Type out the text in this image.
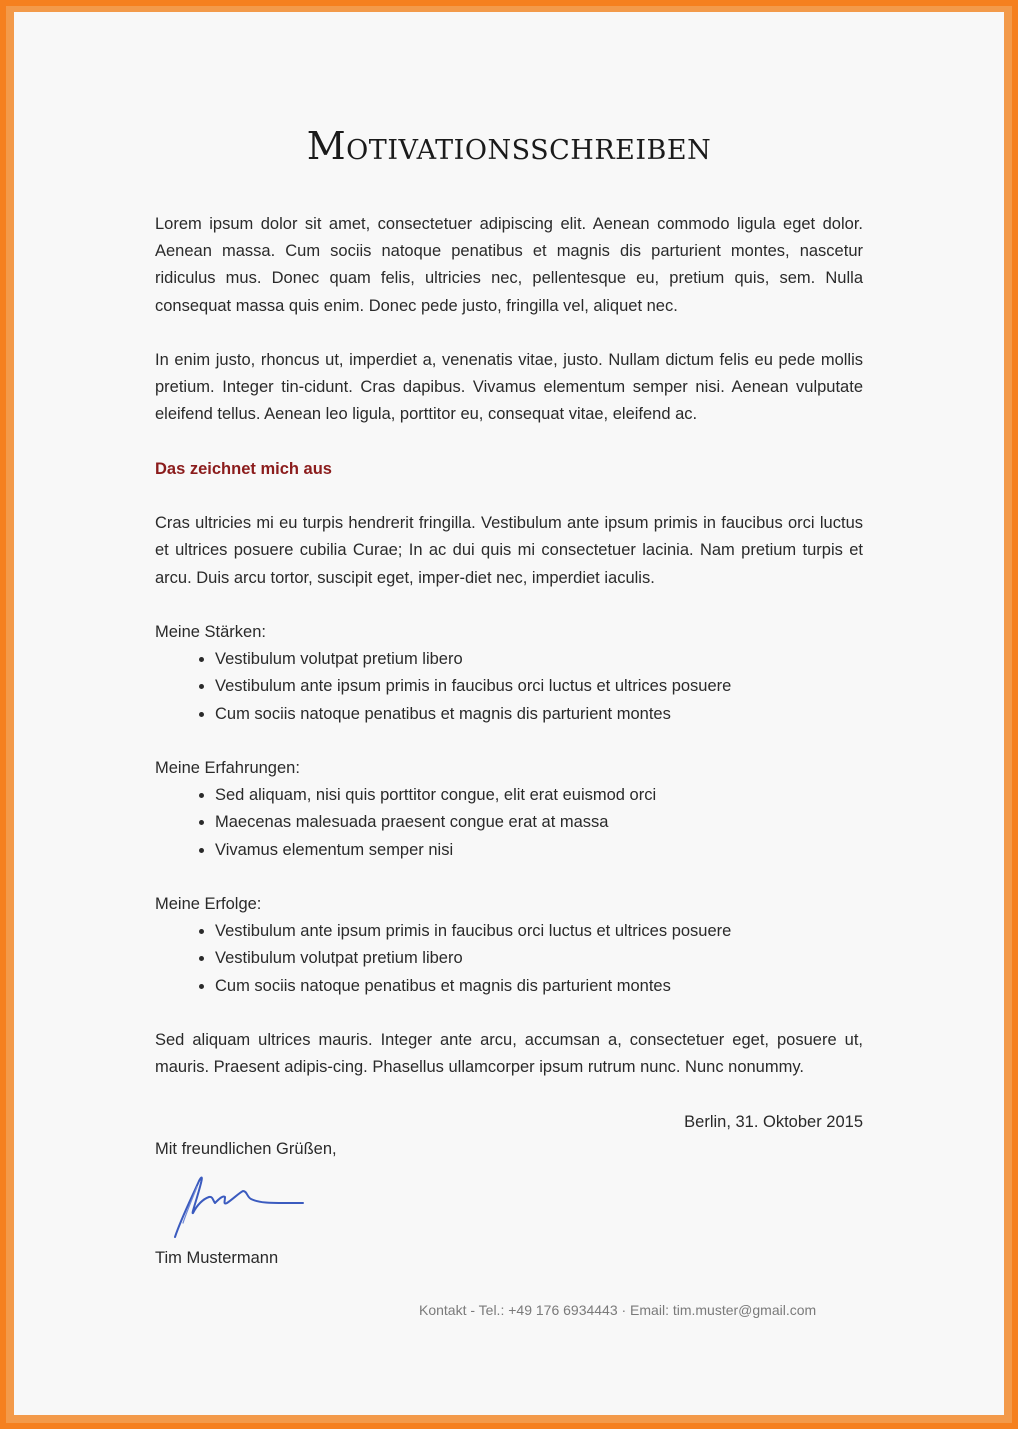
Motivationsschreiben

Lorem ipsum dolor sit amet, consectetuer adipiscing elit. Aenean commodo ligula eget dolor. Aenean massa. Cum sociis natoque penatibus et magnis dis parturient montes, nascetur ridiculus mus. Donec quam felis, ultricies nec, pellentesque eu, pretium quis, sem. Nulla consequat massa quis enim. Donec pede justo, fringilla vel, aliquet nec.

In enim justo, rhoncus ut, imperdiet a, venenatis vitae, justo. Nullam dictum felis eu pede mollis pretium. Integer tin-cidunt. Cras dapibus. Vivamus elementum semper nisi. Aenean vulputate eleifend tellus. Aenean leo ligula, porttitor eu, consequat vitae, eleifend ac.

Das zeichnet mich aus

Cras ultricies mi eu turpis hendrerit fringilla. Vestibulum ante ipsum primis in faucibus orci luctus et ultrices posuere cubilia Curae; In ac dui quis mi consectetuer lacinia. Nam pretium turpis et arcu. Duis arcu tortor, suscipit eget, imper-diet nec, imperdiet iaculis.

Meine Stärken:
• Vestibulum volutpat pretium libero
• Vestibulum ante ipsum primis in faucibus orci luctus et ultrices posuere
• Cum sociis natoque penatibus et magnis dis parturient montes
Meine Erfahrungen:
• Sed aliquam, nisi quis porttitor congue, elit erat euismod orci
• Maecenas malesuada praesent congue erat at massa
• Vivamus elementum semper nisi
Meine Erfolge:
• Vestibulum ante ipsum primis in faucibus orci luctus et ultrices posuere
• Vestibulum volutpat pretium libero
• Cum sociis natoque penatibus et magnis dis parturient montes

Sed aliquam ultrices mauris. Integer ante arcu, accumsan a, consectetuer eget, posuere ut, mauris. Praesent adipis-cing. Phasellus ullamcorper ipsum rutrum nunc. Nunc nonummy.

Berlin, 31. Oktober 2015
Mit freundlichen Grüßen,
Tim Mustermann
Kontakt - Tel.: +49 176 6934443 · Email: tim.muster@gmail.com
